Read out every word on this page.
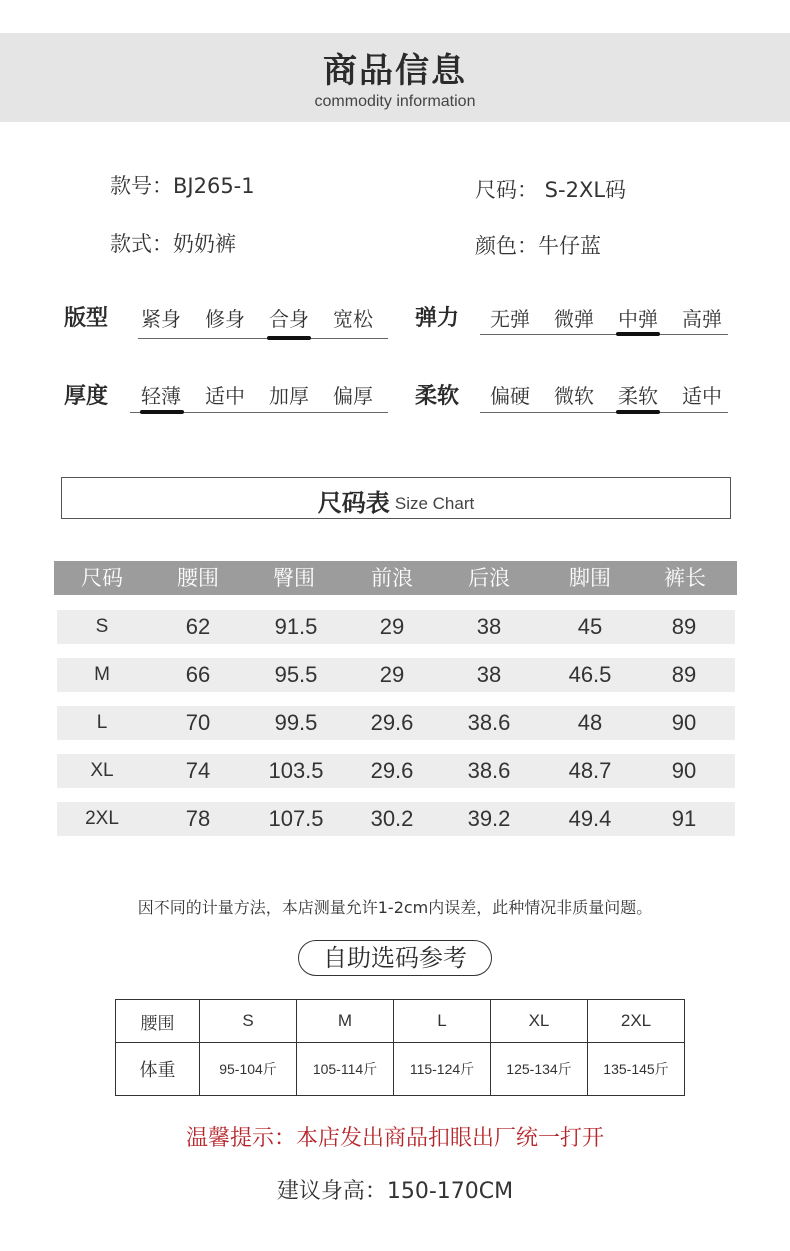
商品信息
commodity information
款号：BJ265-1	尺码： S-2XL码
款式：奶奶裤	颜色：牛仔蓝
版型	紧身	修身	合身	宽松	弹力	无弹	微弹	中弹	高弹
厚度	轻薄	适中	加厚	偏厚	柔软	偏硬	微软	柔软	适中
尺码表 Size Chart
尺码	腰围	臀围	前浪	后浪	脚围	裤长
S	62	91.5	29	38	45	89
M	66	95.5	29	38	46.5	89
L	70	99.5	29.6	38.6	48	90
XL	74	103.5	29.6	38.6	48.7	90
2XL	78	107.5	30.2	39.2	49.4	91
因不同的计量方法，本店测量允许1-2cm内误差，此种情况非质量问题。
自助选码参考
腰围	S	M	L	XL	2XL
体重	95-104斤	105-114斤	115-124斤	125-134斤	135-145斤
温馨提示：本店发出商品扣眼出厂统一打开
建议身高：150-170CM
